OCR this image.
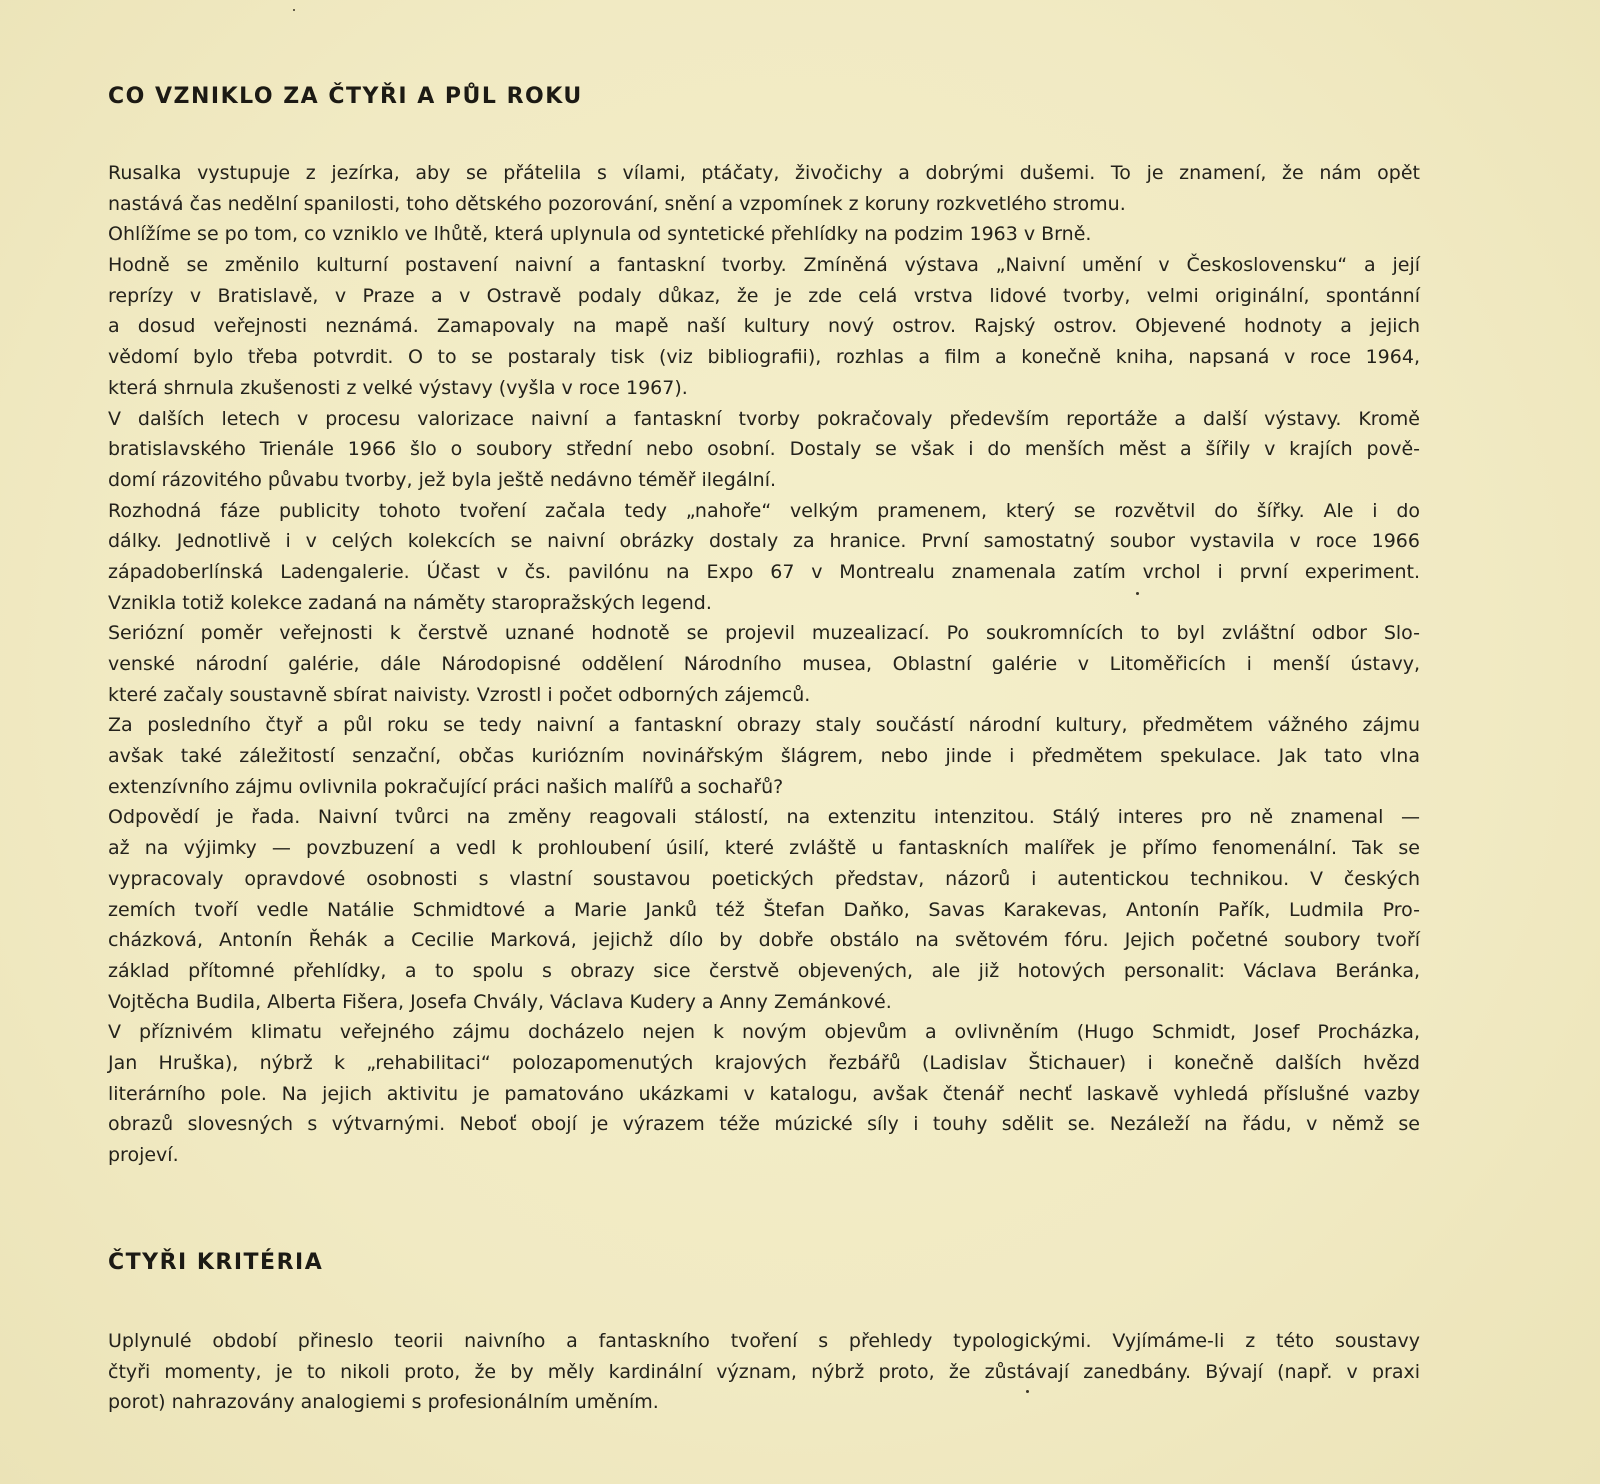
CO VZNIKLO ZA ČTYŘI A PŮL ROKU
Rusalka vystupuje z jezírka, aby se přátelila s vílami, ptáčaty, živočichy a dobrými dušemi. To je znamení, že nám opět
nastává čas nedělní spanilosti, toho dětského pozorování, snění a vzpomínek z koruny rozkvetlého stromu.
Ohlížíme se po tom, co vzniklo ve lhůtě, která uplynula od syntetické přehlídky na podzim 1963 v Brně.
Hodně se změnilo kulturní postavení naivní a fantaskní tvorby. Zmíněná výstava „Naivní umění v Československu“ a její
reprízy v Bratislavě, v Praze a v Ostravě podaly důkaz, že je zde celá vrstva lidové tvorby, velmi originální, spontánní
a dosud veřejnosti neznámá. Zamapovaly na mapě naší kultury nový ostrov. Rajský ostrov. Objevené hodnoty a jejich
vědomí bylo třeba potvrdit. O to se postaraly tisk (viz bibliografii), rozhlas a film a konečně kniha, napsaná v roce 1964,
která shrnula zkušenosti z velké výstavy (vyšla v roce 1967).
V dalších letech v procesu valorizace naivní a fantaskní tvorby pokračovaly především reportáže a další výstavy. Kromě
bratislavského Trienále 1966 šlo o soubory střední nebo osobní. Dostaly se však i do menších měst a šířily v krajích pově-
domí rázovitého půvabu tvorby, jež byla ještě nedávno téměř ilegální.
Rozhodná fáze publicity tohoto tvoření začala tedy „nahoře“ velkým pramenem, který se rozvětvil do šířky. Ale i do
dálky. Jednotlivě i v celých kolekcích se naivní obrázky dostaly za hranice. První samostatný soubor vystavila v roce 1966
západoberlínská Ladengalerie. Účast v čs. pavilónu na Expo 67 v Montrealu znamenala zatím vrchol i první experiment.
Vznikla totiž kolekce zadaná na náměty staropražských legend.
Seriózní poměr veřejnosti k čerstvě uznané hodnotě se projevil muzealizací. Po soukromnících to byl zvláštní odbor Slo-
venské národní galérie, dále Národopisné oddělení Národního musea, Oblastní galérie v Litoměřicích i menší ústavy,
které začaly soustavně sbírat naivisty. Vzrostl i počet odborných zájemců.
Za posledního čtyř a půl roku se tedy naivní a fantaskní obrazy staly součástí národní kultury, předmětem vážného zájmu
avšak také záležitostí senzační, občas kuriózním novinářským šlágrem, nebo jinde i předmětem spekulace. Jak tato vlna
extenzívního zájmu ovlivnila pokračující práci našich malířů a sochařů?
Odpovědí je řada. Naivní tvůrci na změny reagovali stálostí, na extenzitu intenzitou. Stálý interes pro ně znamenal —
až na výjimky — povzbuzení a vedl k prohloubení úsilí, které zvláště u fantaskních malířek je přímo fenomenální. Tak se
vypracovaly opravdové osobnosti s vlastní soustavou poetických představ, názorů i autentickou technikou. V českých
zemích tvoří vedle Natálie Schmidtové a Marie Janků též Štefan Daňko, Savas Karakevas, Antonín Pařík, Ludmila Pro-
cházková, Antonín Řehák a Cecilie Marková, jejichž dílo by dobře obstálo na světovém fóru. Jejich početné soubory tvoří
základ přítomné přehlídky, a to spolu s obrazy sice čerstvě objevených, ale již hotových personalit: Václava Beránka,
Vojtěcha Budila, Alberta Fišera, Josefa Chvály, Václava Kudery a Anny Zemánkové.
V příznivém klimatu veřejného zájmu docházelo nejen k novým objevům a ovlivněním (Hugo Schmidt, Josef Procházka,
Jan Hruška), nýbrž k „rehabilitaci“ polozapomenutých krajových řezbářů (Ladislav Štichauer) i konečně dalších hvězd
literárního pole. Na jejich aktivitu je pamatováno ukázkami v katalogu, avšak čtenář nechť laskavě vyhledá příslušné vazby
obrazů slovesných s výtvarnými. Neboť obojí je výrazem téže múzické síly i touhy sdělit se. Nezáleží na řádu, v němž se
projeví.
ČTYŘI KRITÉRIA
Uplynulé období přineslo teorii naivního a fantaskního tvoření s přehledy typologickými. Vyjímáme-li z této soustavy
čtyři momenty, je to nikoli proto, že by měly kardinální význam, nýbrž proto, že zůstávají zanedbány. Bývají (např. v praxi
porot) nahrazovány analogiemi s profesionálním uměním.
